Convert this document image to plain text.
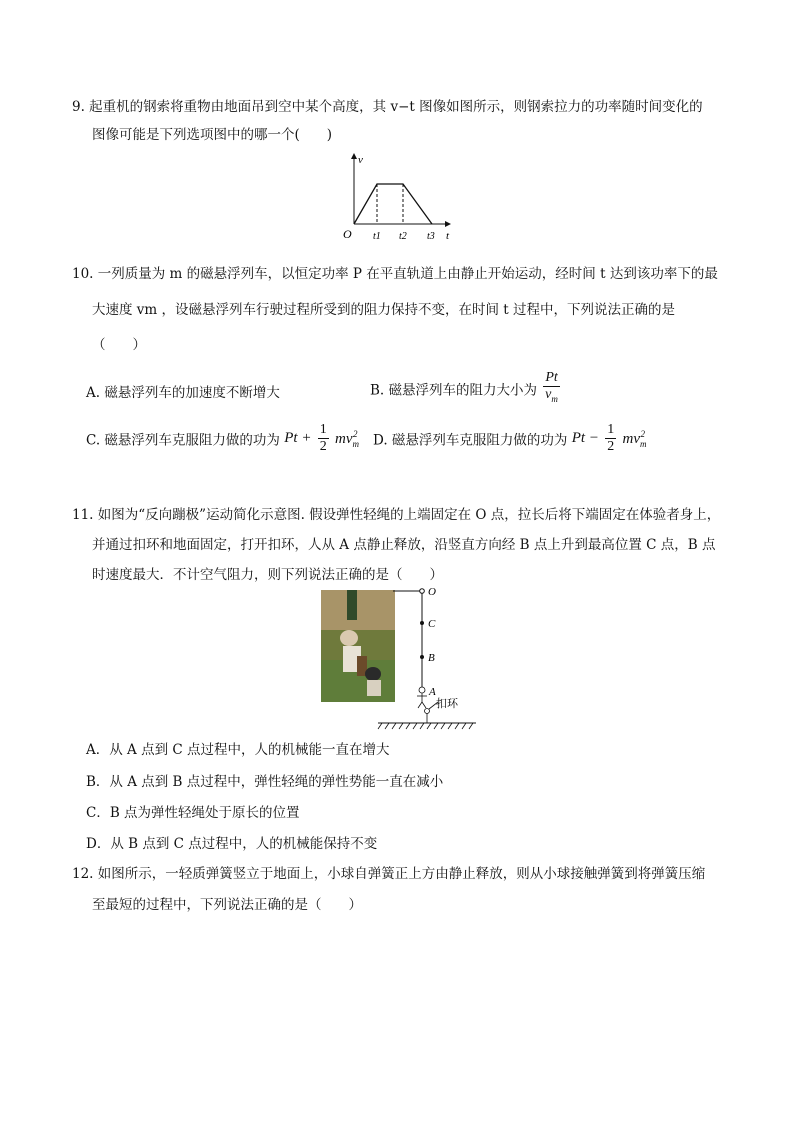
9. 起重机的钢索将重物由地面吊到空中某个高度，其 v−t 图像如图所示，则钢索拉力的功率随时间变化的
图像可能是下列选项图中的哪一个(　　)
v
O t1 t2 t3 t
10. 一列质量为 m 的磁悬浮列车，以恒定功率 P 在平直轨道上由静止开始运动，经时间 t 达到该功率下的最
大速度 vm ，设磁悬浮列车行驶过程所受到的阻力保持不变，在时间 t 过程中，下列说法正确的是
（　　）
A. 磁悬浮列车的加速度不断增大	B. 磁悬浮列车的阻力大小为 $\frac{Pt}{v_m}$
C. 磁悬浮列车克服阻力做的功为 $Pt + \frac{1}{2} mv_m^2$ D. 磁悬浮列车克服阻力做的功为 $Pt - \frac{1}{2} mv_m^2$
11. 如图为“反向蹦极”运动简化示意图. 假设弹性轻绳的上端固定在 O 点，拉长后将下端固定在体验者身上，
并通过扣环和地面固定，打开扣环，人从 A 点静止释放，沿竖直方向经 B 点上升到最高位置 C 点，B 点
时速度最大．不计空气阻力，则下列说法正确的是（　　）
O
C
B
A
扣环
A．从 A 点到 C 点过程中，人的机械能一直在增大
B．从 A 点到 B 点过程中，弹性轻绳的弹性势能一直在减小
C．B 点为弹性轻绳处于原长的位置
D．从 B 点到 C 点过程中，人的机械能保持不变
12. 如图所示，一轻质弹簧竖立于地面上，小球自弹簧正上方由静止释放，则从小球接触弹簧到将弹簧压缩
至最短的过程中，下列说法正确的是（　　）
